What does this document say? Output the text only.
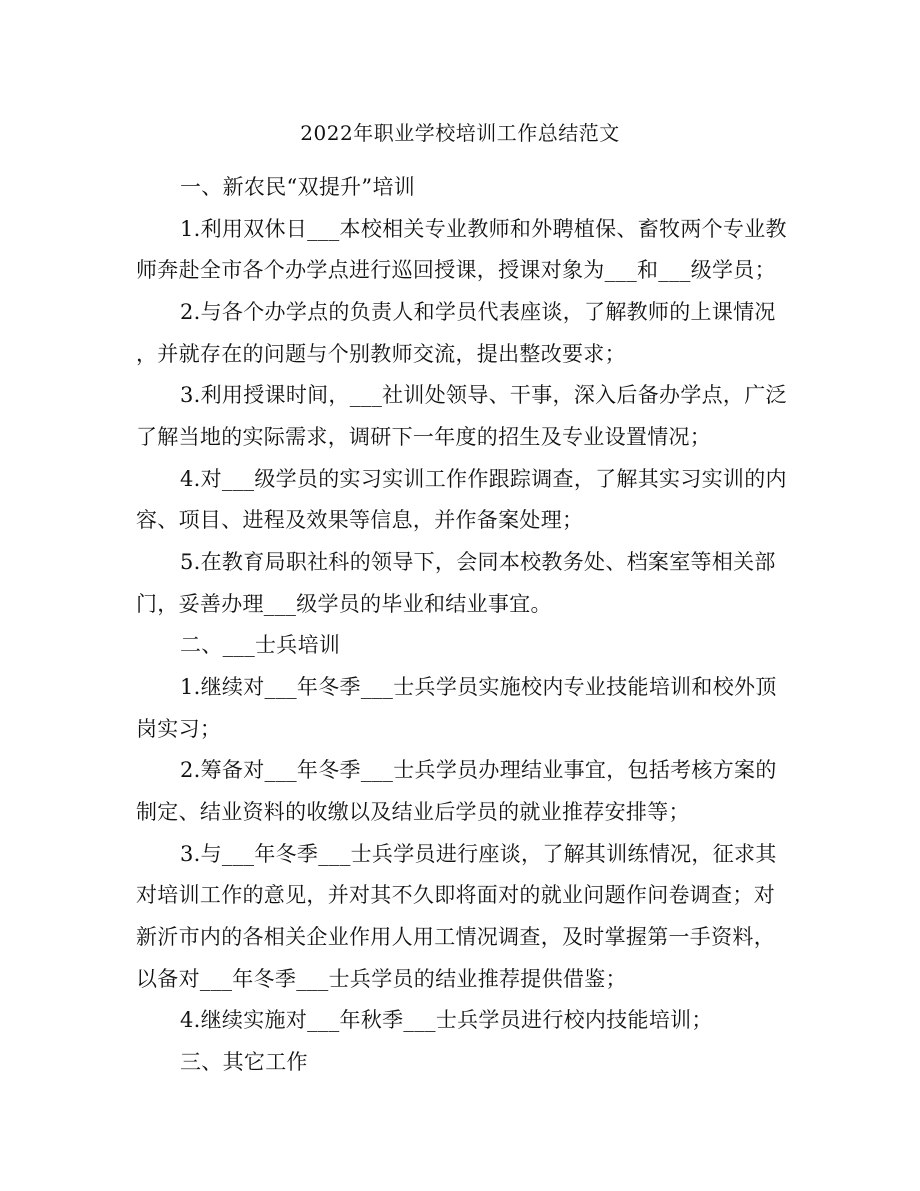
2022年职业学校培训工作总结范文
一、新农民“双提升”培训
1.利用双休日___本校相关专业教师和外聘植保、畜牧两个专业教
师奔赴全市各个办学点进行巡回授课，授课对象为___和___级学员；
2.与各个办学点的负责人和学员代表座谈，了解教师的上课情况
，并就存在的问题与个别教师交流，提出整改要求；
3.利用授课时间，___社训处领导、干事，深入后备办学点，广泛
了解当地的实际需求，调研下一年度的招生及专业设置情况；
4.对___级学员的实习实训工作作跟踪调查，了解其实习实训的内
容、项目、进程及效果等信息，并作备案处理；
5.在教育局职社科的领导下，会同本校教务处、档案室等相关部
门，妥善办理___级学员的毕业和结业事宜。
二、___士兵培训
1.继续对___年冬季___士兵学员实施校内专业技能培训和校外顶
岗实习；
2.筹备对___年冬季___士兵学员办理结业事宜，包括考核方案的
制定、结业资料的收缴以及结业后学员的就业推荐安排等；
3.与___年冬季___士兵学员进行座谈，了解其训练情况，征求其
对培训工作的意见，并对其不久即将面对的就业问题作问卷调查；对
新沂市内的各相关企业作用人用工情况调查，及时掌握第一手资料，
以备对___年冬季___士兵学员的结业推荐提供借鉴；
4.继续实施对___年秋季___士兵学员进行校内技能培训；
三、其它工作
